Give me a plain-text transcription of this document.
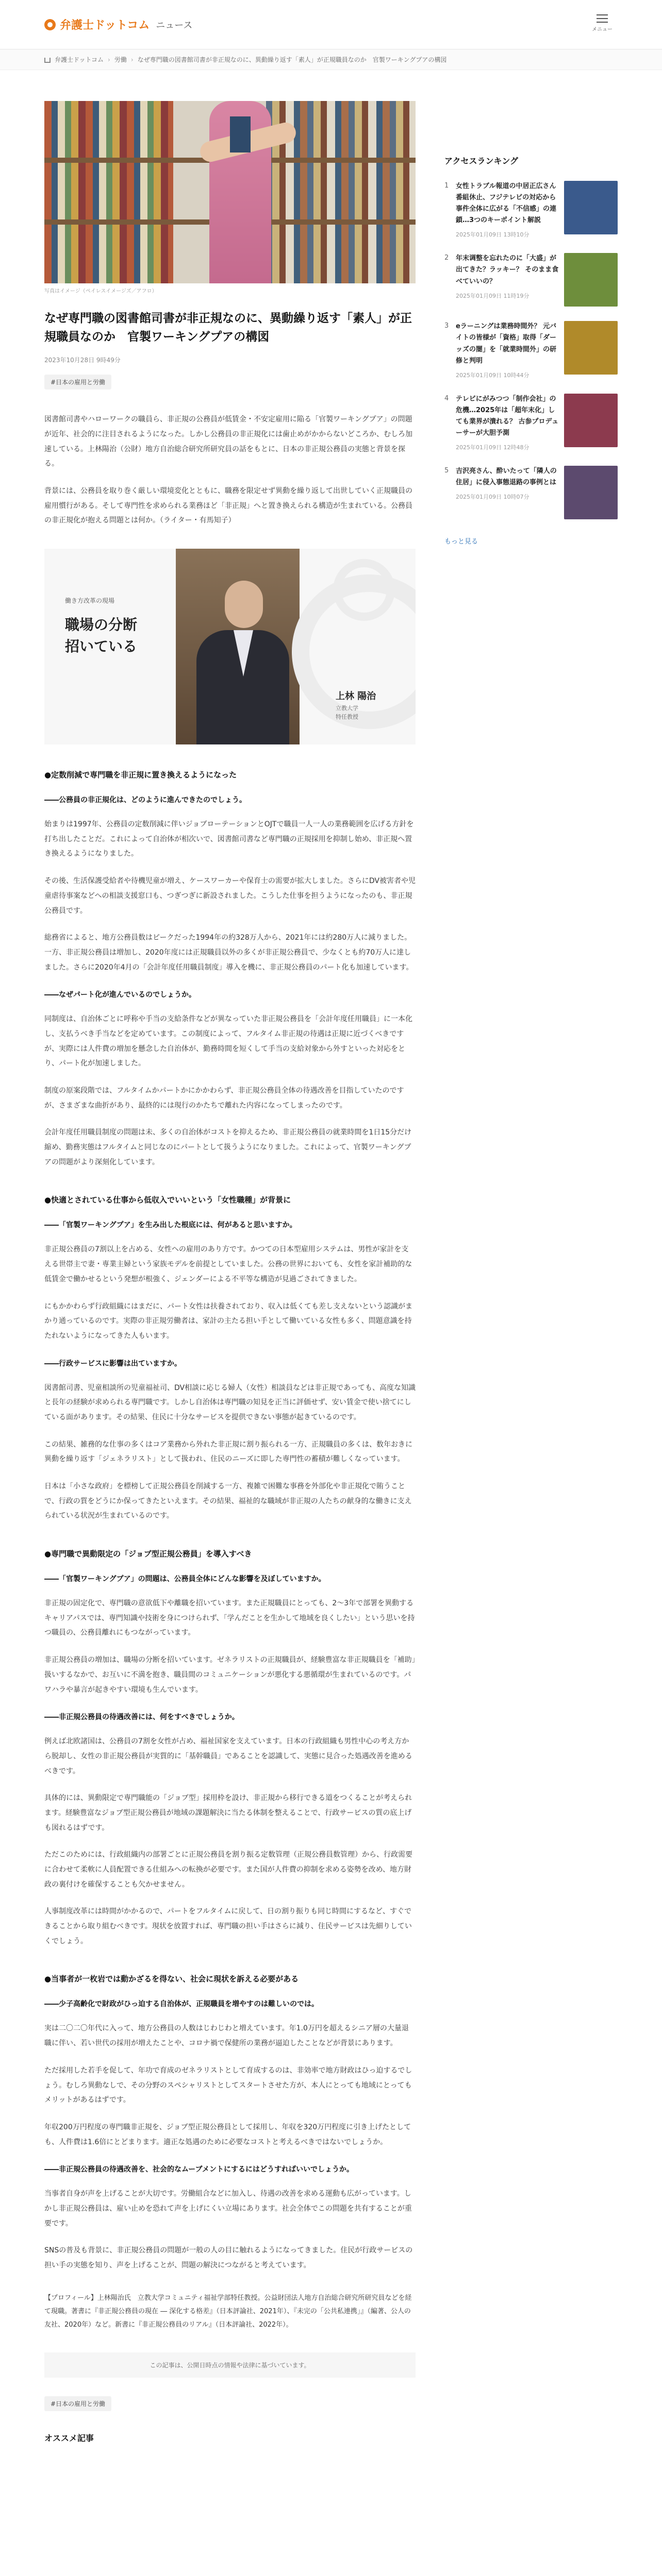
弁護士ドットコム ニュース	メニュー
弁護士ドットコム › 労働 › なぜ専門職の図書館司書が非正規なのに、異動繰り返す「素人」が正規職員なのか　官製ワーキングプアの構図
写真はイメージ（ペイレスイメージズ／アフロ）
なぜ専門職の図書館司書が非正規なのに、異動繰り返す「素人」が正規職員なのか　官製ワーキングプアの構図
2023年10月28日 9時49分
#日本の雇用と労働

図書館司書やハローワークの職員ら、非正規の公務員が低賃金・不安定雇用に陥る「官製ワーキングプア」の問題が近年、社会的に注目されるようになった。しかし公務員の非正規化には歯止めがかからないどころか、むしろ加速している。上林陽治（公財）地方自治総合研究所研究員の話をもとに、日本の非正規公務員の実態と背景を探る。

背景には、公務員を取り巻く厳しい環境変化とともに、職務を限定せず異動を繰り返して出世していく正規職員の雇用慣行がある。そして専門性を求められる業務ほど「非正規」へと置き換えられる構造が生まれている。公務員の非正規化が抱える問題とは何か。（ライター・有馬知子）

働き方改革の現場
職場の分断
招いている
上林 陽治
立教大学
特任教授
●定数削減で専門職を非正規に置き換えるようになった
――公務員の非正規化は、どのように進んできたのでしょう。

始まりは1997年、公務員の定数削減に伴いジョブローテーションとOJTで職員一人一人の業務範囲を広げる方針を打ち出したことだ。これによって自治体が相次いで、図書館司書など専門職の正規採用を抑制し始め、非正規へ置き換えるようになりました。

その後、生活保護受給者や待機児童が増え、ケースワーカーや保育士の需要が拡大しました。さらにDV被害者や児童虐待事案などへの相談支援窓口も、つぎつぎに新設されました。こうした仕事を担うようになったのも、非正規公務員です。

総務省によると、地方公務員数はピークだった1994年の約328万人から、2021年には約280万人に減りました。一方、非正規公務員は増加し、2020年度には正規職員以外の多くが非正規公務員で、少なくとも約70万人に達しました。さらに2020年4月の「会計年度任用職員制度」導入を機に、非正規公務員のパート化も加速しています。

――なぜパート化が進んでいるのでしょうか。

同制度は、自治体ごとに呼称や手当の支給条件などが異なっていた非正規公務員を「会計年度任用職員」に一本化し、支払うべき手当などを定めています。この制度によって、フルタイム非正規の待遇は正規に近づくべきですが、実際には人件費の増加を懸念した自治体が、勤務時間を短くして手当の支給対象から外すといった対応をとり、パート化が加速しました。

制度の原案段階では、フルタイムかパートかにかかわらず、非正規公務員全体の待遇改善を目指していたのですが、さまざまな曲折があり、最終的には現行のかたちで離れた内容になってしまったのです。

会計年度任用職員制度の問題は未、多くの自治体がコストを抑えるため、非正規公務員の就業時間を1日15分だけ縮め、勤務実態はフルタイムと同じなのにパートとして扱うようになりました。これによって、官製ワーキングプアの問題がより深刻化しています。

●快適とされている仕事から低収入でいいという「女性職種」が背景に
――「官製ワーキングプア」を生み出した根底には、何があると思いますか。

非正規公務員の7割以上を占める、女性への雇用のあり方です。かつての日本型雇用システムは、男性が家計を支える世帯主で妻・専業主婦という家族モデルを前提としていました。公務の世界においても、女性を家計補助的な低賃金で働かせるという発想が根強く、ジェンダーによる不平等な構造が見過ごされてきました。

にもかかわらず行政組織にはまだに、パート女性は扶養されており、収入は低くても差し支えないという認識がまかり通っているのです。実際の非正規労働者は、家計の主たる担い手として働いている女性も多く、問題意識を持たれないようになってきた人もいます。

――行政サービスに影響は出ていますか。

図書館司書、児童相談所の児童福祉司、DV相談に応じる婦人（女性）相談員などは非正規であっても、高度な知識と長年の経験が求められる専門職です。しかし自治体は専門職の知見を正当に評価せず、安い賃金で使い捨てにしている面があります。その結果、住民に十分なサービスを提供できない事態が起きているのです。

この結果、雑務的な仕事の多くはコア業務から外れた非正規に割り振られる一方、正規職員の多くは、数年おきに異動を繰り返す「ジェネラリスト」として扱われ、住民のニーズに即した専門性の蓄積が難しくなっています。

日本は「小さな政府」を標榜して正規公務員を削減する一方、複雑で困難な事務を外部化や非正規化で賄うことで、行政の質をどうにか保ってきたといえます。その結果、福祉的な職域が非正規の人たちの献身的な働きに支えられている状況が生まれているのです。

●専門職で異動限定の「ジョブ型正規公務員」を導入すべき
――「官製ワーキングプア」の問題は、公務員全体にどんな影響を及ぼしていますか。

非正規の固定化で、専門職の意欲低下や離職を招いています。また正規職員にとっても、2〜3年で部署を異動するキャリアパスでは、専門知識や技術を身につけられず、「学んだことを生かして地域を良くしたい」という思いを持つ職員の、公務員離れにもつながっています。

非正規公務員の増加は、職場の分断を招いています。ゼネラリストの正規職員が、経験豊富な非正規職員を「補助」扱いするなかで、お互いに不満を抱き、職員間のコミュニケーションが悪化する悪循環が生まれているのです。パワハラや暴言が起きやすい環境も生んでいます。

――非正規公務員の待遇改善には、何をすべきでしょうか。

例えば北欧諸国は、公務員の7割を女性が占め、福祉国家を支えています。日本の行政組織も男性中心の考え方から脱却し、女性の非正規公務員が実質的に「基幹職員」であることを認識して、実態に見合った処遇改善を進めるべきです。

具体的には、異動限定で専門職能の「ジョブ型」採用枠を設け、非正規から移行できる道をつくることが考えられます。経験豊富なジョブ型正規公務員が地域の課題解決に当たる体制を整えることで、行政サービスの質の底上げも図れるはずです。

ただこのためには、行政組織内の部署ごとに正規公務員を割り振る定数管理（正規公務員数管理）から、行政需要に合わせて柔軟に人員配置できる仕組みへの転換が必要です。また国が人件費の抑制を求める姿勢を改め、地方財政の裏付けを確保することも欠かせません。

人事制度改革には時間がかかるので、パートをフルタイムに戻して、日の割り振りも同じ時間にするなど、すぐできることから取り組むべきです。現状を放置すれば、専門職の担い手はさらに減り、住民サービスは先細りしていくでしょう。

●当事者が一枚岩では動かざるを得ない、社会に現状を訴える必要がある
――少子高齢化で財政がひっ迫する自治体が、正規職員を増やすのは難しいのでは。

実は二〇二〇年代に入って、地方公務員の人数はじわじわと増えています。年1.0万円を超えるシニア層の大量退職に伴い、若い世代の採用が増えたことや、コロナ禍で保健所の業務が逼迫したことなどが背景にあります。

ただ採用した若手を促して、年功で育成のゼネラリストとして育成するのは、非効率で地方財政はひっ迫するでしょう。むしろ異動なしで、その分野のスペシャリストとしてスタートさせた方が、本人にとっても地域にとってもメリットがあるはずです。

年収200万円程度の専門職非正規を、ジョブ型正規公務員として採用し、年収を320万円程度に引き上げたとしても、人件費は1.6倍にとどまります。適正な処遇のために必要なコストと考えるべきではないでしょうか。

――非正規公務員の待遇改善を、社会的なムーブメントにするにはどうすればいいでしょうか。

当事者自身が声を上げることが大切です。労働組合などに加入し、待遇の改善を求める運動も広がっています。しかし非正規公務員は、雇い止めを恐れて声を上げにくい立場にあります。社会全体でこの問題を共有することが重要です。

SNSの普及も背景に、非正規公務員の問題が一般の人の目に触れるようになってきました。住民が行政サービスの担い手の実態を知り、声を上げることが、問題の解決につながると考えています。

【プロフィール】上林陽治氏　立教大学コミュニティ福祉学部特任教授。公益財団法人地方自治総合研究所研究員などを経て現職。著書に『非正規公務員の現在 ― 深化する格差』（日本評論社、2021年）、『未完の「公共私連携」』（編著、公人の友社、2020年）など。新書に『非正規公務員のリアル』（日本評論社、2022年）。

この記事は、公開日時点の情報や法律に基づいています。
#日本の雇用と労働
オススメ記事
アクセスランキング
1 女性トラブル報道の中居正広さん番組休止、フジテレビの対応から事件全体に広がる「不信感」の連鎖…3つのキーポイント解説
2025年01月09日 13時10分
2 年末调整を忘れたのに「大盛」が出てきた？ラッキー？ そのまま食べていいの？
2025年01月09日 11時19分
3 eラーニングは業務時間外？ 元バイトの皆様が「資格」取得「ダーッズの闇」を「就業時間外」の研修と判明
2025年01月09日 10時44分
4 テレビにがみつつ「制作会社」の危機…2025年は「超年末化」しても業界が潰れる？ 古参プロデューサーが大胆予測
2025年01月09日 12時48分
5 吉沢亮さん、酔いたって「隣人の住居」に侵入事態退路の事例とは
2025年01月09日 10時07分
もっと見る
